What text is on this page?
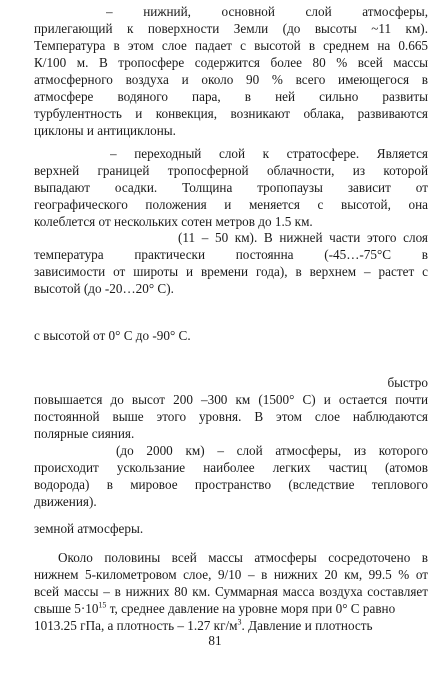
– нижний, основной слой атмосферы,

прилегающий к поверхности Земли (до высоты ~11 км).

Температура в этом слое падает с высотой в среднем на 0.665

К/100 м. В тропосфере содержится более 80 % всей массы

атмосферного воздуха и около 90 % всего имеющегося в

атмосфере водяного пара, в ней сильно развиты

турбулентность и конвекция, возникают облака, развиваются

циклоны и антициклоны.

– переходный слой к стратосфере. Является

верхней границей тропосферной облачности, из которой

выпадают осадки. Толщина тропопаузы зависит от

географического положения и меняется с высотой, она

колеблется от нескольких сотен метров до 1.5 км.

(11 – 50 км). В нижней части этого слоя

температура практически постоянна (-45…-75°С в

зависимости от широты и времени года), в верхнем – растет с

высотой (до -20…20° С).

с высотой от 0° С до -90° С.

быстро

повышается до высот 200 –300 км (1500° С) и остается почти

постоянной выше этого уровня. В этом слое наблюдаются

полярные сияния.

(до 2000 км) – слой атмосферы, из которого

происходит ускользание наиболее легких частиц (атомов

водорода) в мировое пространство (вследствие теплового

движения).

земной атмосферы.

Около половины всей массы атмосферы сосредоточено в

нижнем 5-километровом слое, 9/10 – в нижних 20 км, 99.5 % от

всей массы – в нижних 80 км. Суммарная масса воздуха составляет

свыше $5\cdot 10^{15}$ т, среднее давление на уровне моря при 0° С равно

1013.25 гПа, а плотность – 1.27 $кг/м^3$. Давление и плотность

81
